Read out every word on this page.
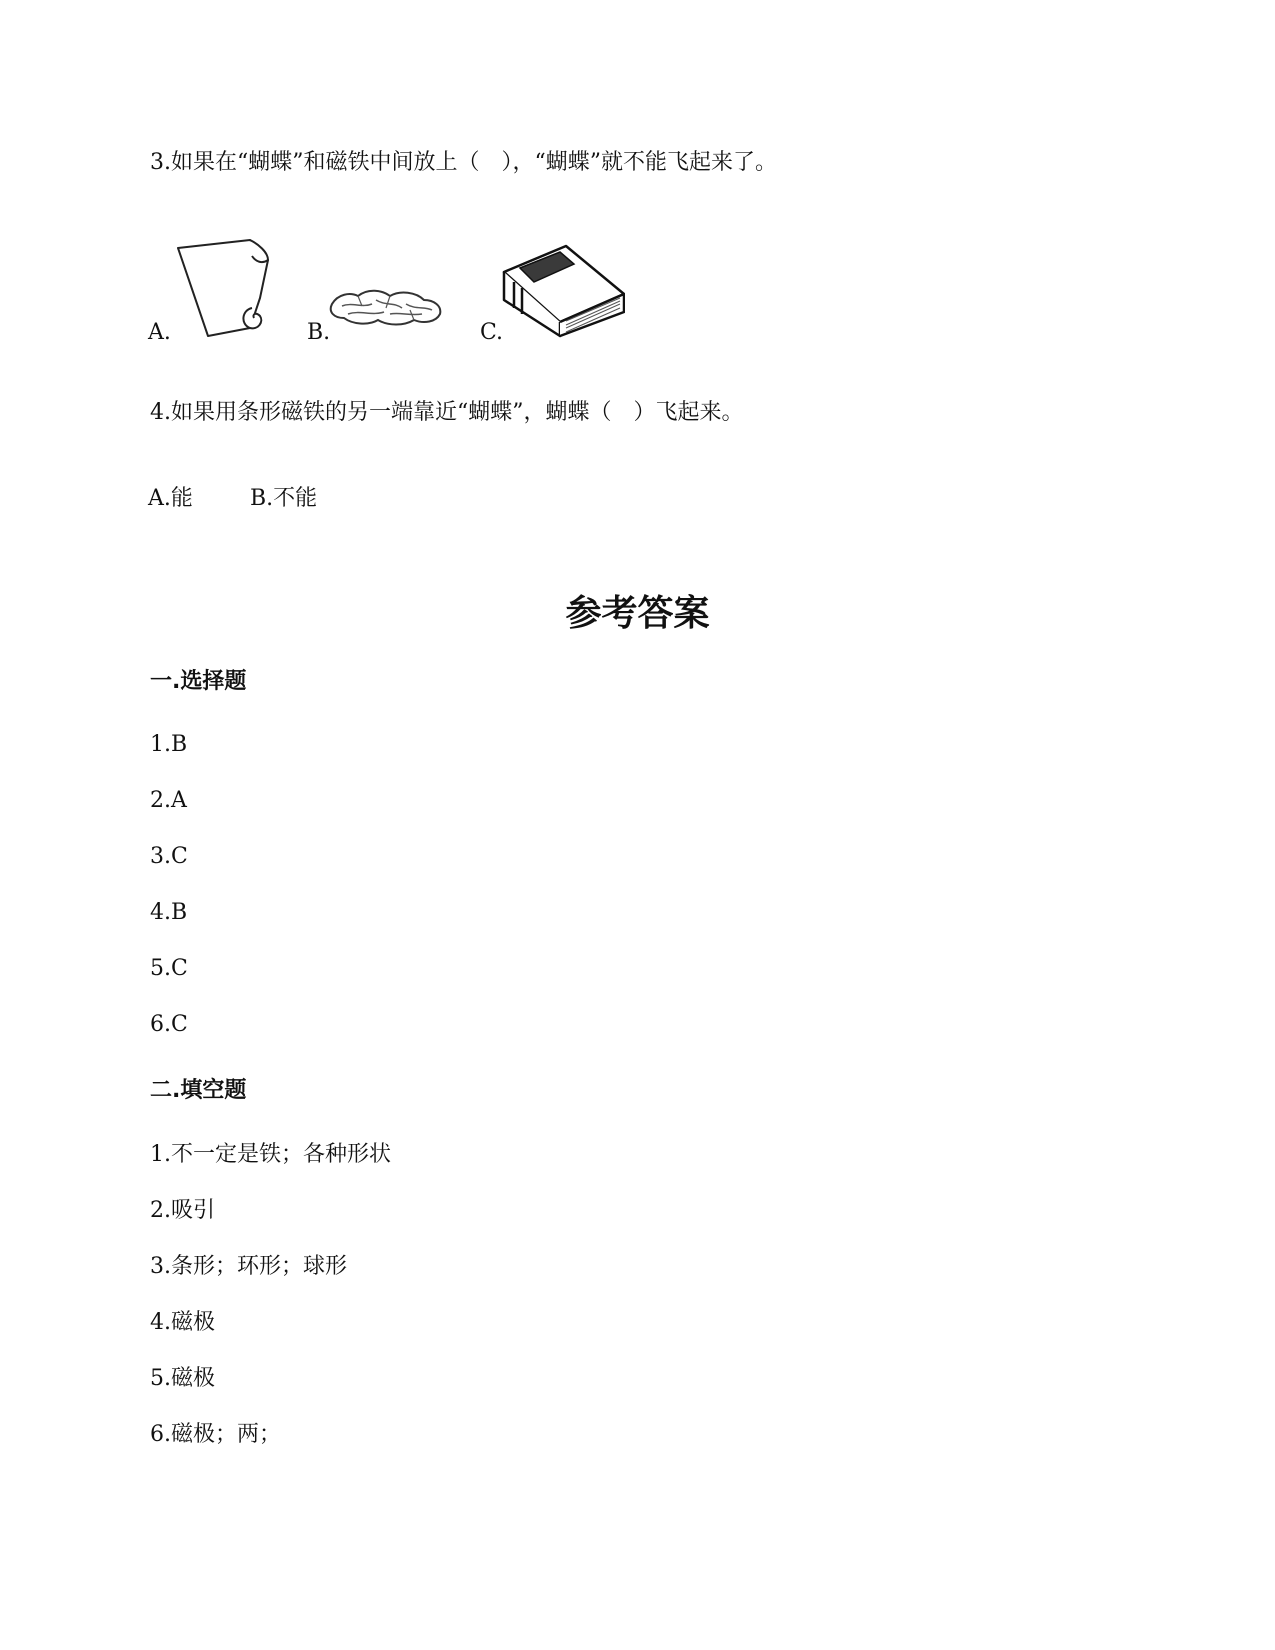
3.如果在“蝴蝶”和磁铁中间放上（　），“蝴蝶”就不能飞起来了。
A.	B.	C.
4.如果用条形磁铁的另一端靠近“蝴蝶”，蝴蝶（　）飞起来。
A.能	B.不能
参考答案
一.选择题
1.B
2.A
3.C
4.B
5.C
6.C
二.填空题
1.不一定是铁；各种形状
2.吸引
3.条形；环形；球形
4.磁极
5.磁极
6.磁极；两；
